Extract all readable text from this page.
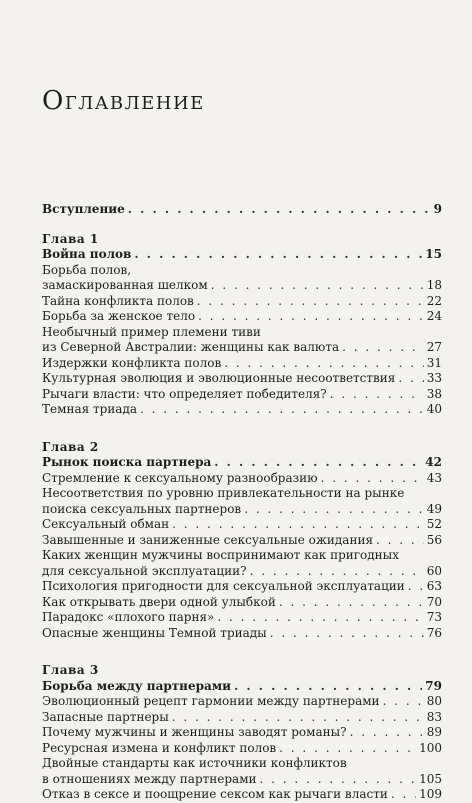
Оглавление
Вступление . . .	9
Глава 1
Война полов . . .	15
Борьба полов,
замаскированная шелком . . .	18
Тайна конфликта полов . . .	22
Борьба за женское тело . . .	24
Необычный пример племени тиви
из Северной Австралии: женщины как валюта . . .	27
Издержки конфликта полов . . .	31
Культурная эволюция и эволюционные несоответствия . . .	33
Рычаги власти: что определяет победителя? . . .	38
Темная триада . . .	40
Глава 2
Рынок поиска партнера . . .	42
Стремление к сексуальному разнообразию . . .	43
Несоответствия по уровню привлекательности на рынке
поиска сексуальных партнеров . . .	49
Сексуальный обман . . .	52
Завышенные и заниженные сексуальные ожидания . . .	56
Каких женщин мужчины воспринимают как пригодных
для сексуальной эксплуатации? . . .	60
Психология пригодности для сексуальной эксплуатации . . . 63
Как открывать двери одной улыбкой . . .	70
Парадокс «плохого парня» . . .	73
Опасные женщины Темной триады . . .	76
Глава 3
Борьба между партнерами . . .	79
Эволюционный рецепт гармонии между партнерами . . .	80
Запасные партнеры . . .	83
Почему мужчины и женщины заводят романы? . . .	89
Ресурсная измена и конфликт полов . . .	100
Двойные стандарты как источники конфликтов
в отношениях между партнерами . . .	105
Отказ в сексе и поощрение сексом как рычаги власти . . .	109
